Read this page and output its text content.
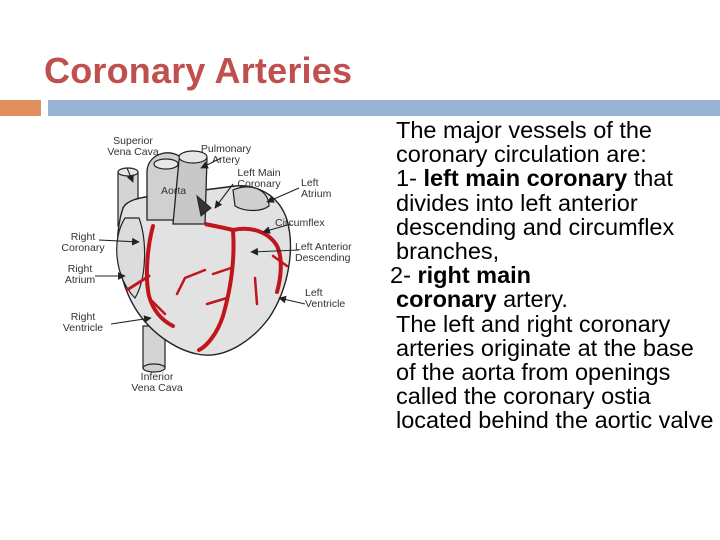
Coronary Arteries
Superior
Vena Cava	Pulmonary
Artery
Left Main
Coronary
Aorta
Left
Atrium
Circumflex
Left Anterior
Descending
Left
Ventricle
Right
Coronary
Right
Atrium
Right
Ventricle
Inferior
Vena Cava

The major vessels of the coronary circulation are:

1- left main coronary that divides into left anterior descending and circumflex branches,

2- right main

coronary artery.

The left and right coronary arteries originate at the base of the aorta from openings called the coronary ostia located behind the aortic valve
